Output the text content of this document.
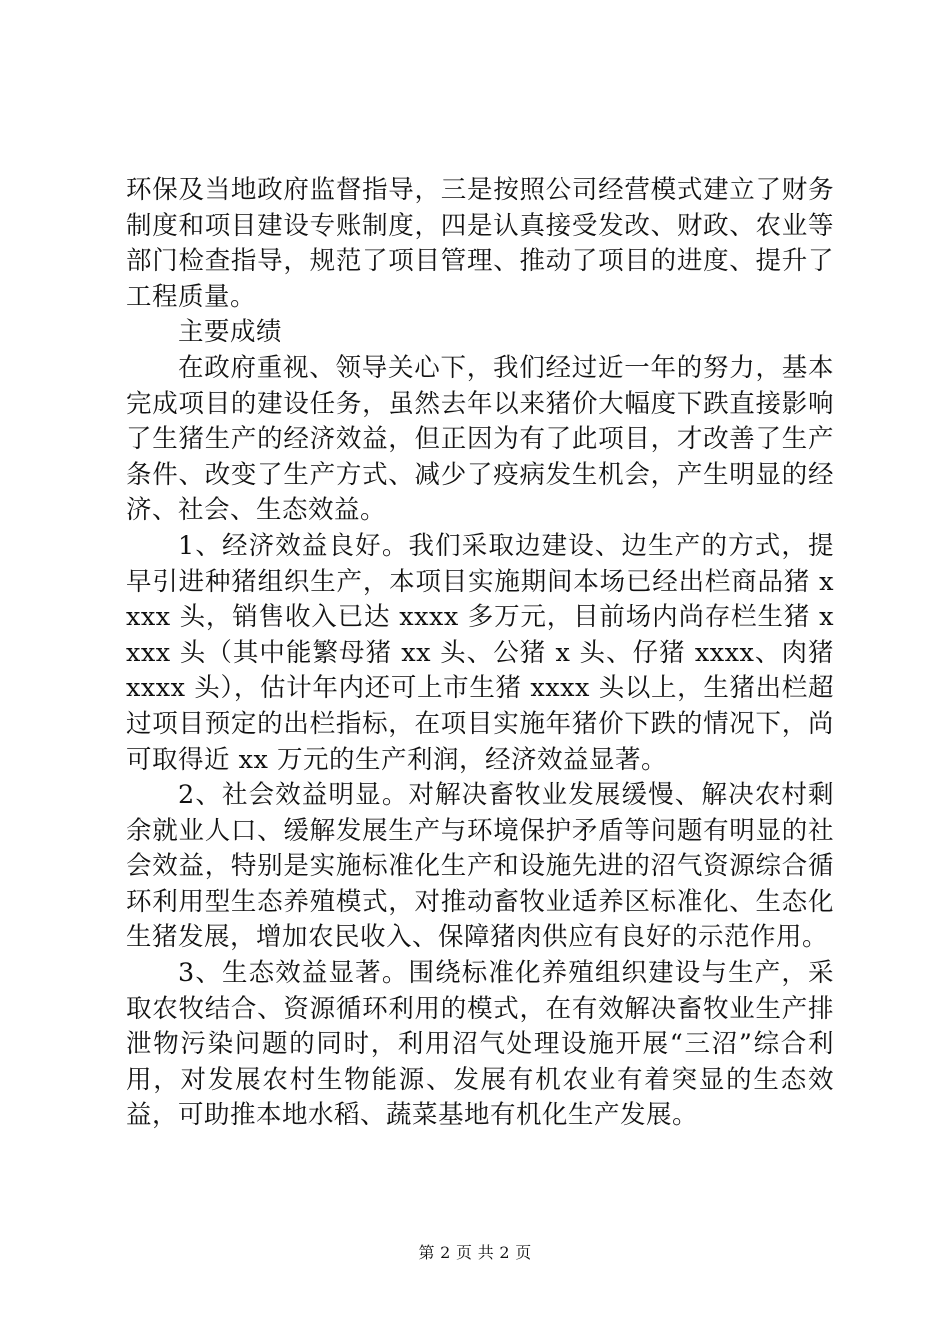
环保及当地政府监督指导，三是按照公司经营模式建立了财务制度和项目建设专账制度，四是认真接受发改、财政、农业等部门检查指导，规范了项目管理、推动了项目的进度、提升了工程质量。

主要成绩

在政府重视、领导关心下，我们经过近一年的努力，基本完成项目的建设任务，虽然去年以来猪价大幅度下跌直接影响了生猪生产的经济效益，但正因为有了此项目，才改善了生产条件、改变了生产方式、减少了疫病发生机会，产生明显的经济、社会、生态效益。

1、经济效益良好。我们采取边建设、边生产的方式，提早引进种猪组织生产，本项目实施期间本场已经出栏商品猪 xxxx 头，销售收入已达 xxxx 多万元，目前场内尚存栏生猪 xxxx 头（其中能繁母猪 xx 头、公猪 x 头、仔猪 xxxx、肉猪 xxxx 头），估计年内还可上市生猪 xxxx 头以上，生猪出栏超过项目预定的出栏指标，在项目实施年猪价下跌的情况下，尚可取得近 xx 万元的生产利润，经济效益显著。

2、社会效益明显。对解决畜牧业发展缓慢、解决农村剩余就业人口、缓解发展生产与环境保护矛盾等问题有明显的社会效益，特别是实施标准化生产和设施先进的沼气资源综合循环利用型生态养殖模式，对推动畜牧业适养区标准化、生态化生猪发展，增加农民收入、保障猪肉供应有良好的示范作用。

3、生态效益显著。围绕标准化养殖组织建设与生产，采取农牧结合、资源循环利用的模式，在有效解决畜牧业生产排泄物污染问题的同时，利用沼气处理设施开展“三沼”综合利用，对发展农村生物能源、发展有机农业有着突显的生态效益，可助推本地水稻、蔬菜基地有机化生产发展。

第 2 页 共 2 页
